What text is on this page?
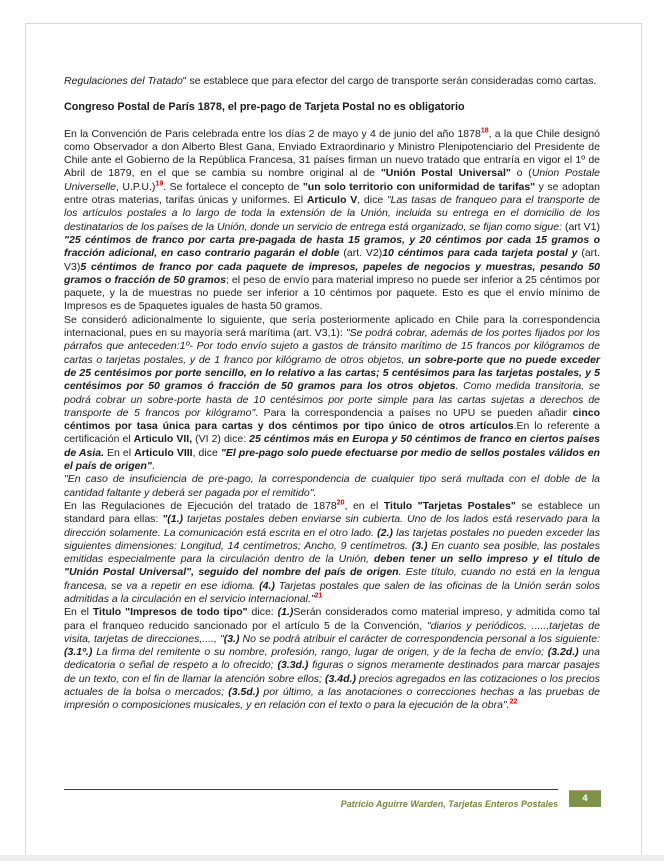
Regulaciones del Tratado" se establece que para efector del cargo de transporte serán consideradas como cartas.

Congreso Postal de París 1878, el pre-pago de Tarjeta Postal no es obligatorio

En la Convención de Paris celebrada entre los días 2 de mayo y 4 de junio del año 1878$^{18}$, a la que Chile designó como Observador a don Alberto Blest Gana, Enviado Extraordinario y Ministro Plenipotenciario del Presidente de Chile ante el Gobierno de la República Francesa, 31 países firman un nuevo tratado que entraría en vigor el 1º de Abril de 1879, en el que se cambia su nombre original al de "Unión Postal Universal" o (Union Postale Universelle, U.P.U.)$^{19}$. Se fortalece el concepto de "un solo territorio con uniformidad de tarifas" y se adoptan entre otras materias, tarifas únicas y uniformes. El Articulo V, dice "Las tasas de franqueo para el transporte de los artículos postales a lo largo de toda la extensión de la Unión, incluida su entrega en el domicilio de los destinatarios de los países de la Unión, donde un servicio de entrega está organizado, se fijan como sigue: (art V1) "25 céntimos de franco por carta pre-pagada de hasta 15 gramos, y 20 céntimos por cada 15 gramos o fracción adicional, en caso contrario pagarán el doble (art. V2)10 céntimos para cada tarjeta postal y (art. V3)5 céntimos de franco por cada paquete de impresos, papeles de negocios y muestras, pesando 50 gramos o fracción de 50 gramos; el peso de envío para material impreso no puede ser inferior a 25 céntimos por paquete, y la de muestras no puede ser inferior a 10 céntimos por paquete. Esto es que el envío mínimo de Impresos es de 5paquetes iguales de hasta 50 gramos.

Se consideró adicionalmente lo siguiente, que sería posteriormente aplicado en Chile para la correspondencia internacional, pues en su mayoría será marítima (art. V3,1): "Se podrá cobrar, además de los portes fijados por los párrafos que anteceden:1º- Por todo envío sujeto a gastos de tránsito marítimo de 15 francos por kilógramos de cartas o tarjetas postales, y de 1 franco por kilógramo de otros objetos, un sobre-porte que no puede exceder de 25 centésimos por porte sencillo, en lo relativo a las cartas; 5 centésimos para las tarjetas postales, y 5 centésimos por 50 gramos ó fracción de 50 gramos para los otros objetos. Como medida transitoria, se podrá cobrar un sobre-porte hasta de 10 centésimos por porte simple para las cartas sujetas a derechos de transporte de 5 francos por kilógramo". Para la correspondencia a países no UPU se pueden añadir cinco céntimos por tasa única para cartas y dos céntimos por tipo único de otros artículos.En lo referente a certificación el Articulo VII, (VI 2) dice: 25 céntimos más en Europa y 50 céntimos de franco en ciertos países de Asia. En el Articulo VIII, dice "El pre-pago solo puede efectuarse por medio de sellos postales válidos en el país de origen".

"En caso de insuficiencia de pre-pago, la correspondencia de cualquier tipo será multada con el doble de la cantidad faltante y deberá ser pagada por el remitido".

En las Regulaciones de Ejecución del tratado de 1878$^{20}$, en el Titulo "Tarjetas Postales" se establece un standard para ellas: "(1.) tarjetas postales deben enviarse sin cubierta. Uno de los lados está reservado para la dirección solamente. La comunicación está escrita en el otro lado. (2.) las tarjetas postales no pueden exceder las siguientes dimensiones: Longitud, 14 centímetros; Ancho, 9 centímetros. (3.) En cuanto sea posible, las postales emitidas especialmente para la circulación dentro de la Unión, deben tener un sello impreso y el título de "Unión Postal Universal", seguido del nombre del país de origen. Este título, cuando no está en la lengua francesa, se va a repetir en ese idioma. (4.) Tarjetas postales que salen de las oficinas de la Unión serán solos admitidas a la circulación en el servicio internacional."$^{21}$

En el Titulo "Impresos de todo tipo" dice: (1.)Serán considerados como material impreso, y admitida como tal para el franqueo reducido sancionado por el artículo 5 de la Convención, "diarios y periódicos, .....,tarjetas de visita, tarjetas de direcciones,...., "(3.) No se podrá atribuir el carácter de correspondencia personal a los siguiente: (3.1º.) La firma del remitente o su nombre, profesión, rango, lugar de origen, y de la fecha de envío; (3.2d.) una dedicatoria o señal de respeto a lo ofrecido; (3.3d.) figuras o signos meramente destinados para marcar pasajes de un texto, con el fin de llamar la atención sobre ellos; (3.4d.) precios agregados en las cotizaciones o los precios actuales de la bolsa o mercados; (3.5d.) por último, a las anotaciones o correcciones hechas a las pruebas de impresión o composiciones musicales, y en relación con el texto o para la ejecución de la obra".$^{22}$

Patricio Aguirre Warden, Tarjetas Enteros Postales	4
